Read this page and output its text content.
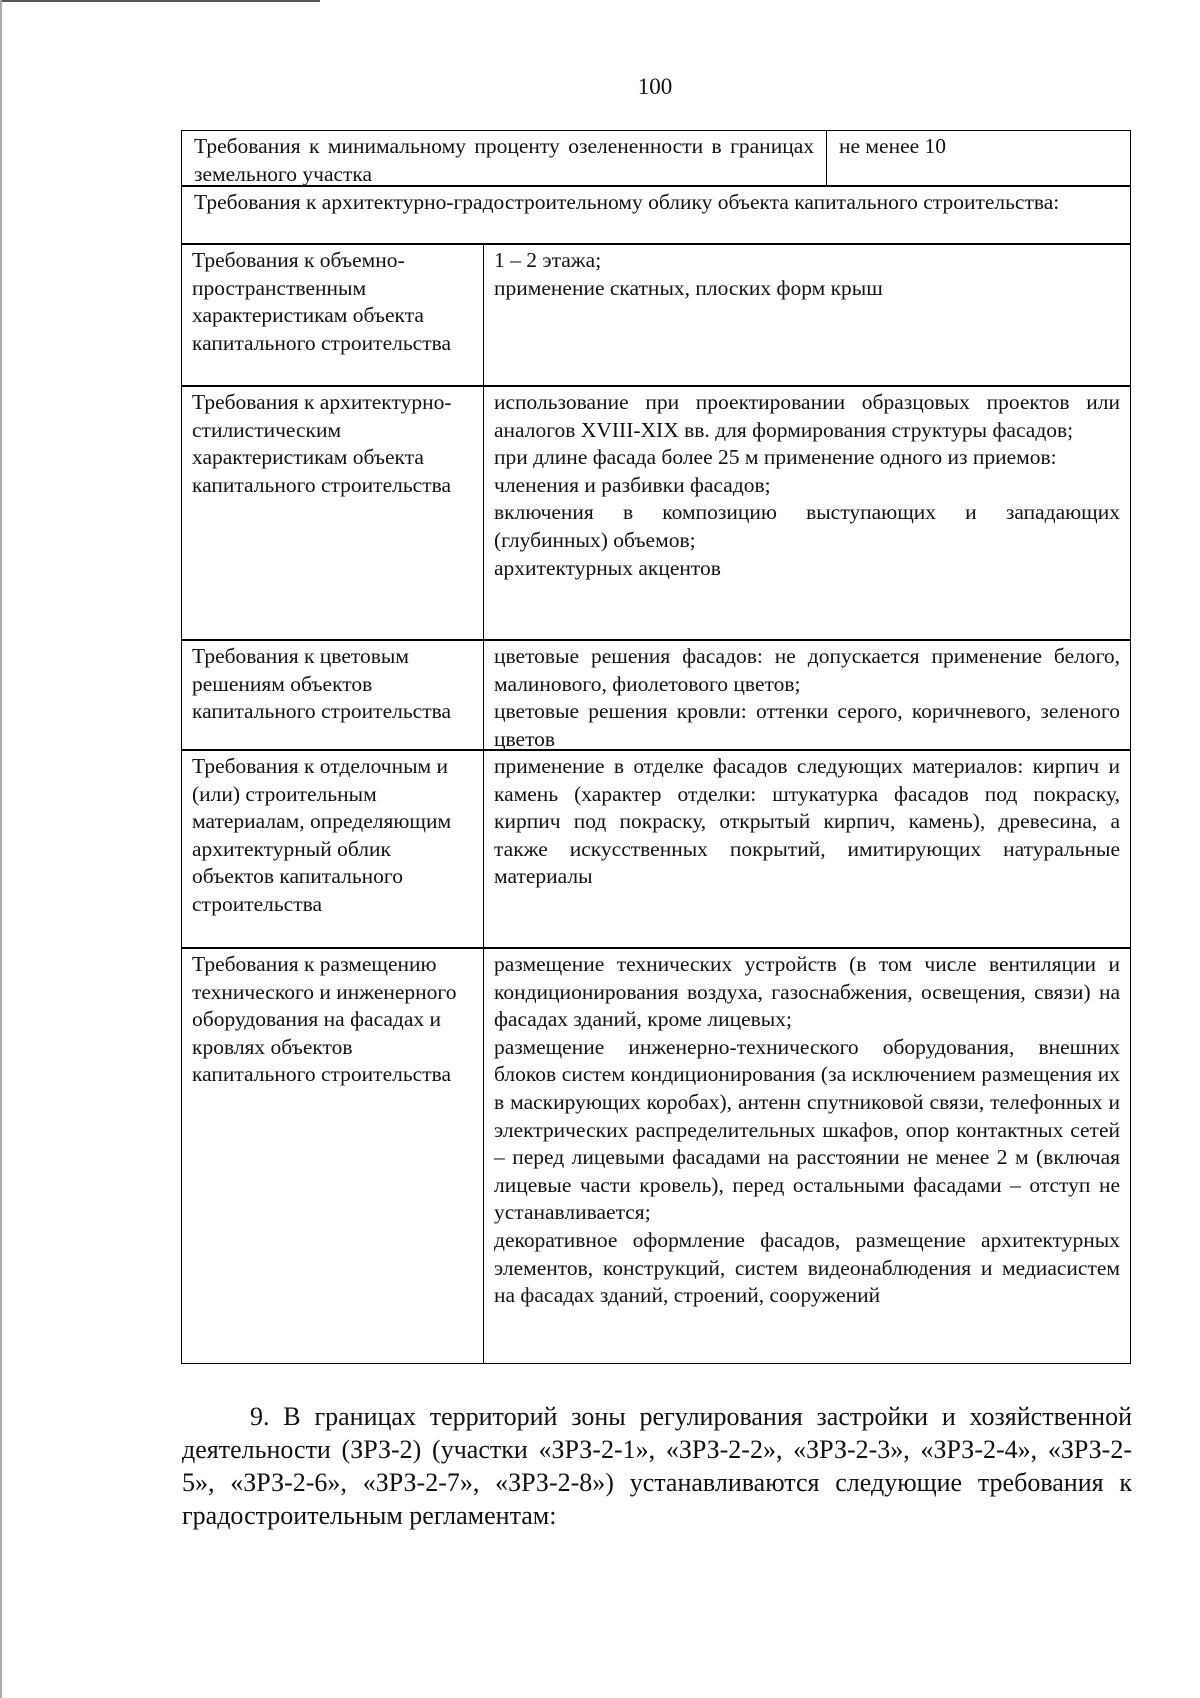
100

Требования к минимальному проценту озелененности в границах земельного участка

не менее 10

Требования к архитектурно-градостроительному облику объекта капитального строительства:

Требования к объемно-пространственным характеристикам объекта капитального строительства

1 – 2 этажа;

применение скатных, плоских форм крыш

Требования к архитектурно-стилистическим характеристикам объекта капитального строительства

использование при проектировании образцовых проектов или аналогов XVIII-XIX вв. для формирования структуры фасадов;

при длине фасада более 25 м применение одного из приемов:

членения и разбивки фасадов;

включения в композицию выступающих и западающих (глубинных) объемов;

архитектурных акцентов

Требования к цветовым решениям объектов капитального строительства

цветовые решения фасадов: не допускается применение белого, малинового, фиолетового цветов;

цветовые решения кровли: оттенки серого, коричневого, зеленого цветов

Требования к отделочным и (или) строительным материалам, определяющим архитектурный облик объектов капитального строительства

применение в отделке фасадов следующих материалов: кирпич и камень (характер отделки: штукатурка фасадов под покраску, кирпич под покраску, открытый кирпич, камень), древесина, а также искусственных покрытий, имитирующих натуральные материалы

Требования к размещению технического и инженерного оборудования на фасадах и кровлях объектов капитального строительства

размещение технических устройств (в том числе вентиляции и кондиционирования воздуха, газоснабжения, освещения, связи) на фасадах зданий, кроме лицевых;

размещение инженерно-технического оборудования, внешних блоков систем кондиционирования (за исключением размещения их в маскирующих коробах), антенн спутниковой связи, телефонных и электрических распределительных шкафов, опор контактных сетей – перед лицевыми фасадами на расстоянии не менее 2 м (включая лицевые части кровель), перед остальными фасадами – отступ не устанавливается;

декоративное оформление фасадов, размещение архитектурных элементов, конструкций, систем видеонаблюдения и медиасистем на фасадах зданий, строений, сооружений

9. В границах территорий зоны регулирования застройки и хозяйственной деятельности (ЗРЗ-2) (участки «ЗРЗ-2-1», «ЗРЗ-2-2», «ЗРЗ-2-3», «ЗРЗ-2-4», «ЗРЗ-2-5», «ЗРЗ-2-6», «ЗРЗ-2-7», «ЗРЗ-2-8») устанавливаются следующие требования к градостроительным регламентам:
